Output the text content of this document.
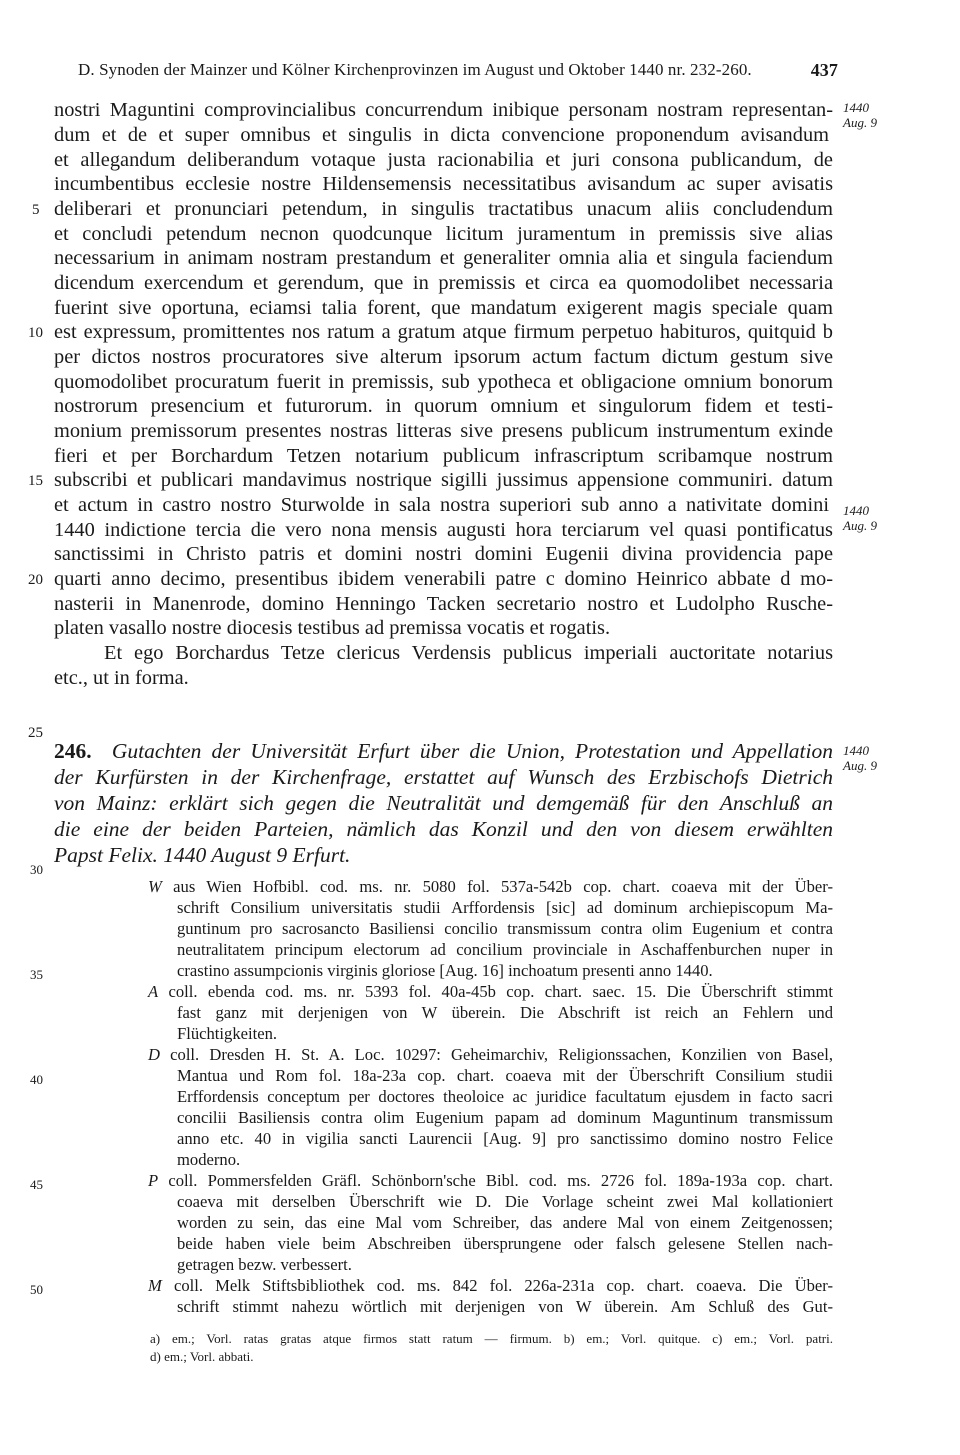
D. Synoden der Mainzer und Kölner Kirchenprovinzen im August und Oktober 1440 nr. 232-260.	437
nostri Maguntini comprovincialibus concurrendum inibique personam nostram representan-
dum et de et super omnibus et singulis in dicta convencione proponendum avisandum
et allegandum deliberandum votaque justa racionabilia et juri consona publicandum, de
incumbentibus ecclesie nostre Hildensemensis necessitatibus avisandum ac super avisatis
deliberari et pronunciari petendum, in singulis tractatibus unacum aliis concludendum
et concludi petendum necnon quodcunque licitum juramentum in premissis sive alias
necessarium in animam nostram prestandum et generaliter omnia alia et singula faciendum
dicendum exercendum et gerendum, que in premissis et circa ea quomodolibet necessaria
fuerint sive oportuna, eciamsi talia forent, que mandatum exigerent magis speciale quam
est expressum, promittentes nos ratum a gratum atque firmum perpetuo habituros, quitquid b
per dictos nostros procuratores sive alterum ipsorum actum factum dictum gestum sive
quomodolibet procuratum fuerit in premissis, sub ypotheca et obligacione omnium bonorum
nostrorum presencium et futurorum. in quorum omnium et singulorum fidem et testi-
monium premissorum presentes nostras litteras sive presens publicum instrumentum exinde
fieri et per Borchardum Tetzen notarium publicum infrascriptum scribamque nostrum
subscribi et publicari mandavimus nostrique sigilli jussimus appensione communiri. datum
et actum in castro nostro Sturwolde in sala nostra superiori sub anno a nativitate domini
1440 indictione tercia die vero nona mensis augusti hora terciarum vel quasi pontificatus
sanctissimi in Christo patris et domini nostri domini Eugenii divina providencia pape
quarti anno decimo, presentibus ibidem venerabili patre c domino Heinrico abbate d mo-
nasterii in Manenrode, domino Henningo Tacken secretario nostro et Ludolpho Rusche-
platen vasallo nostre diocesis testibus ad premissa vocatis et rogatis.
Et ego Borchardus Tetze clericus Verdensis publicus imperiali auctoritate notarius
etc., ut in forma.
5
10
15
20
25
30
35
40
45
50
1440
Aug. 9
1440
Aug. 9
1440
Aug. 9
246. Gutachten der Universität Erfurt über die Union, Protestation und Appellation
der Kurfürsten in der Kirchenfrage, erstattet auf Wunsch des Erzbischofs Dietrich
von Mainz: erklärt sich gegen die Neutralität und demgemäß für den Anschluß an
die eine der beiden Parteien, nämlich das Konzil und den von diesem erwählten
Papst Felix. 1440 August 9 Erfurt.
W aus Wien Hofbibl. cod. ms. nr. 5080 fol. 537a-542b cop. chart. coaeva mit der Über-
schrift Consilium universitatis studii Arffordensis [sic] ad dominum archiepiscopum Ma-
guntinum pro sacrosancto Basiliensi concilio transmissum contra olim Eugenium et contra
neutralitatem principum electorum ad concilium provinciale in Aschaffenburchen nuper in
crastino assumpcionis virginis gloriose [Aug. 16] inchoatum presenti anno 1440.
A coll. ebenda cod. ms. nr. 5393 fol. 40a-45b cop. chart. saec. 15. Die Überschrift stimmt
fast ganz mit derjenigen von W überein. Die Abschrift ist reich an Fehlern und
Flüchtigkeiten.
D coll. Dresden H. St. A. Loc. 10297: Geheimarchiv, Religionssachen, Konzilien von Basel,
Mantua und Rom fol. 18a-23a cop. chart. coaeva mit der Überschrift Consilium studii
Erffordensis conceptum per doctores theoloice ac juridice facultatum ejusdem in facto sacri
concilii Basiliensis contra olim Eugenium papam ad dominum Maguntinum transmissum
anno etc. 40 in vigilia sancti Laurencii [Aug. 9] pro sanctissimo domino nostro Felice
moderno.
P coll. Pommersfelden Gräfl. Schönborn'sche Bibl. cod. ms. 2726 fol. 189a-193a cop. chart.
coaeva mit derselben Überschrift wie D. Die Vorlage scheint zwei Mal kollationiert
worden zu sein, das eine Mal vom Schreiber, das andere Mal von einem Zeitgenossen;
beide haben viele beim Abschreiben übersprungene oder falsch gelesene Stellen nach-
getragen bezw. verbessert.
M coll. Melk Stiftsbibliothek cod. ms. 842 fol. 226a-231a cop. chart. coaeva. Die Über-
schrift stimmt nahezu wörtlich mit derjenigen von W überein. Am Schluß des Gut-
a) em.; Vorl. ratas gratas atque firmos statt ratum — firmum. b) em.; Vorl. quitque. c) em.; Vorl. patri.
d) em.; Vorl. abbati.
